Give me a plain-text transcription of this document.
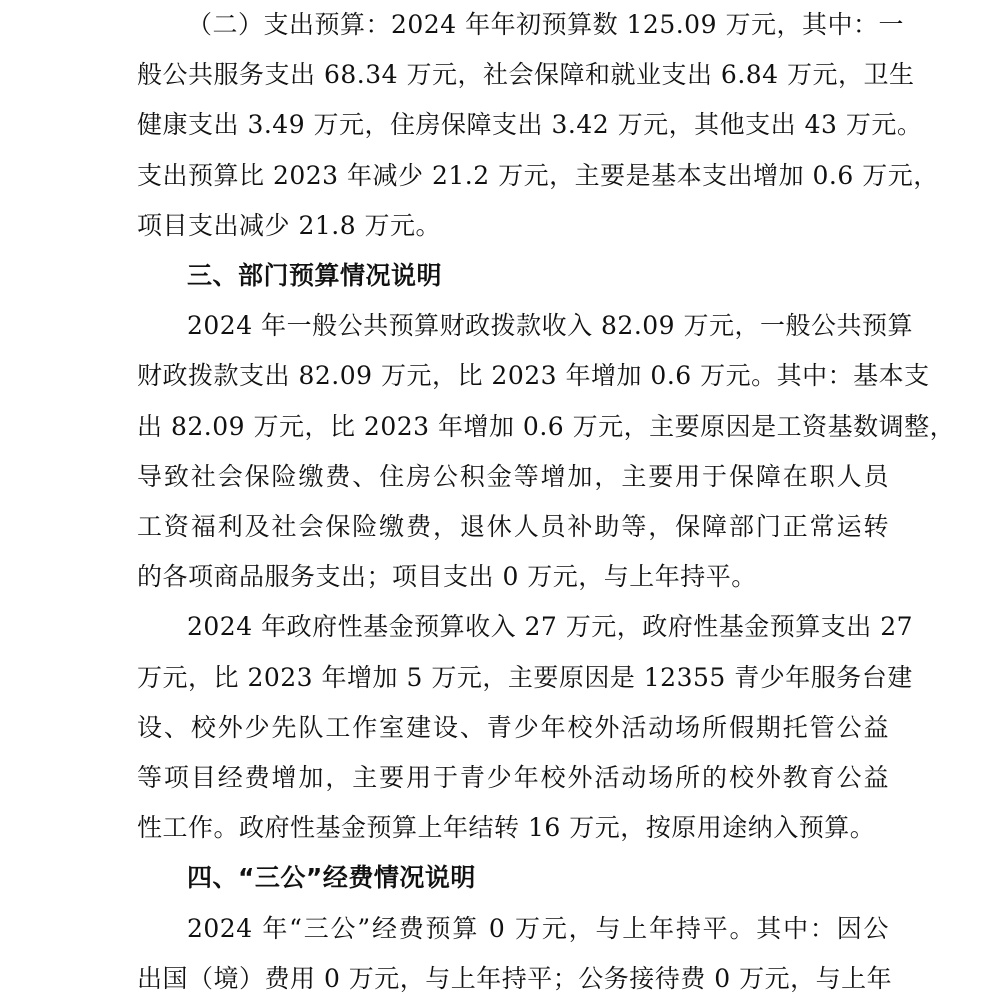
（二）支出预算：2024 年年初预算数 125.09 万元，其中：一
般公共服务支出 68.34 万元，社会保障和就业支出 6.84 万元，卫生
健康支出 3.49 万元，住房保障支出 3.42 万元，其他支出 43 万元。
支出预算比 2023 年减少 21.2 万元，主要是基本支出增加 0.6 万元，
项目支出减少 21.8 万元。

三、部门预算情况说明

2024 年一般公共预算财政拨款收入 82.09 万元，一般公共预算
财政拨款支出 82.09 万元，比 2023 年增加 0.6 万元。其中：基本支
出 82.09 万元，比 2023 年增加 0.6 万元，主要原因是工资基数调整，
导致社会保险缴费、住房公积金等增加，主要用于保障在职人员
工资福利及社会保险缴费，退休人员补助等，保障部门正常运转
的各项商品服务支出；项目支出 0 万元，与上年持平。

2024 年政府性基金预算收入 27 万元，政府性基金预算支出 27
万元，比 2023 年增加 5 万元，主要原因是 12355 青少年服务台建
设、校外少先队工作室建设、青少年校外活动场所假期托管公益
等项目经费增加，主要用于青少年校外活动场所的校外教育公益
性工作。政府性基金预算上年结转 16 万元，按原用途纳入预算。

四、“三公”经费情况说明

2024 年“三公”经费预算 0 万元，与上年持平。其中：因公
出国（境）费用 0 万元，与上年持平；公务接待费 0 万元，与上年
